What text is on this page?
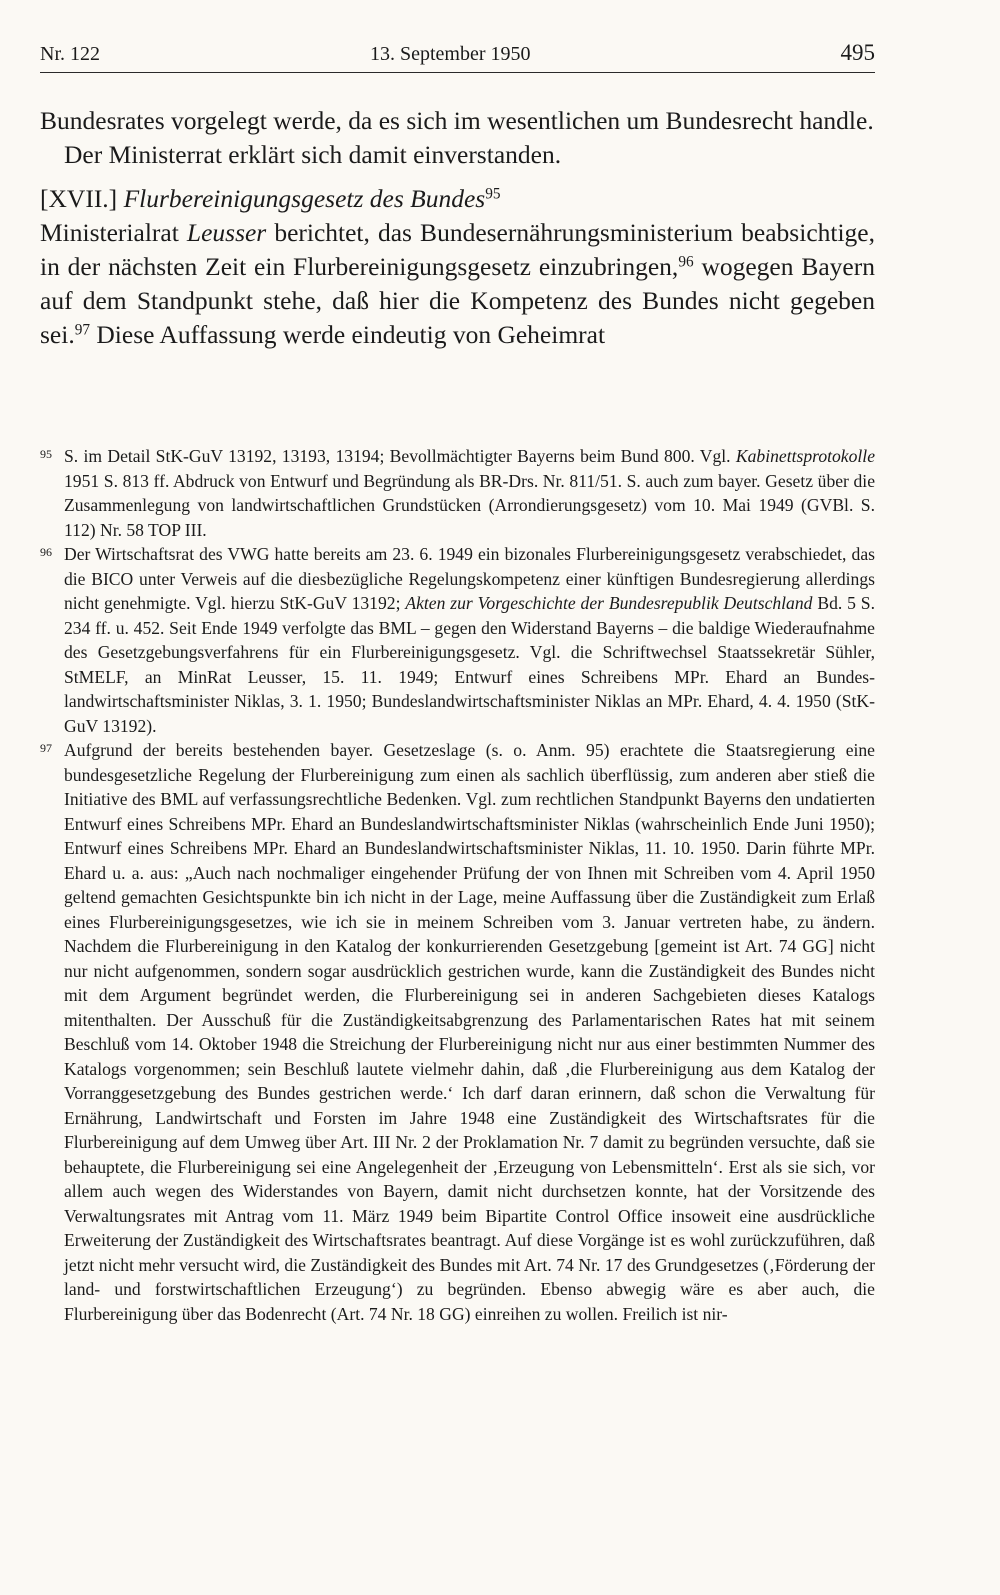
Nr. 122	13. September 1950	495

Bundesrates vorgelegt werde, da es sich im wesentlichen um Bundesrecht handle.

Der Ministerrat erklärt sich damit einverstanden.

[XVII.] Flurbereinigungsgesetz des Bundes$^{95}$

Ministerialrat Leusser berichtet, das Bundesernährungsministerium beabsichtige, in der nächsten Zeit ein Flurbereinigungsgesetz einzubringen,$^{96}$ wogegen Bayern auf dem Standpunkt stehe, daß hier die Kompetenz des Bundes nicht gegeben sei.$^{97}$ Diese Auffassung werde eindeutig von Geheimrat

95 S. im Detail StK-GuV 13192, 13193, 13194; Bevollmächtigter Bayerns beim Bund 800. Vgl. Kabinettsprotokolle 1951 S. 813 ff. Abdruck von Entwurf und Begründung als BR-Drs. Nr. 811/51. S. auch zum bayer. Gesetz über die Zusammenlegung von landwirtschaftlichen Grundstücken (Arrondierungsgesetz) vom 10. Mai 1949 (GVBl. S. 112) Nr. 58 TOP III.

96 Der Wirtschaftsrat des VWG hatte bereits am 23. 6. 1949 ein bizonales Flurbereinigungsgesetz verabschiedet, das die BICO unter Verweis auf die diesbezügliche Regelungskompetenz einer künftigen Bundesregierung allerdings nicht genehmigte. Vgl. hierzu StK-GuV 13192; Akten zur Vorgeschichte der Bundesrepublik Deutschland Bd. 5 S. 234 ff. u. 452. Seit Ende 1949 verfolgte das BML – gegen den Widerstand Bayerns – die baldige Wiederaufnahme des Gesetzgebungsverfahrens für ein Flurbereinigungsgesetz. Vgl. die Schriftwechsel Staatssekretär Sühler, StMELF, an MinRat Leusser, 15. 11. 1949; Entwurf eines Schreibens MPr. Ehard an Bundeslandwirtschaftsminister Niklas, 3. 1. 1950; Bundeslandwirtschaftsminister Niklas an MPr. Ehard, 4. 4. 1950 (StK-GuV 13192).

97 Aufgrund der bereits bestehenden bayer. Gesetzeslage (s. o. Anm. 95) erachtete die Staatsregierung eine bundesgesetzliche Regelung der Flurbereinigung zum einen als sachlich überflüssig, zum anderen aber stieß die Initiative des BML auf verfassungsrechtliche Bedenken. Vgl. zum rechtlichen Standpunkt Bayerns den undatierten Entwurf eines Schreibens MPr. Ehard an Bundeslandwirtschaftsminister Niklas (wahrscheinlich Ende Juni 1950); Entwurf eines Schreibens MPr. Ehard an Bundeslandwirtschaftsminister Niklas, 11. 10. 1950. Darin führte MPr. Ehard u. a. aus: „Auch nach nochmaliger eingehender Prüfung der von Ihnen mit Schreiben vom 4. April 1950 geltend gemachten Gesichtspunkte bin ich nicht in der Lage, meine Auffassung über die Zuständigkeit zum Erlaß eines Flurbereinigungsgesetzes, wie ich sie in meinem Schreiben vom 3. Januar vertreten habe, zu ändern. Nachdem die Flurbereinigung in den Katalog der konkurrierenden Gesetzgebung [gemeint ist Art. 74 GG] nicht nur nicht aufgenommen, sondern sogar ausdrücklich gestrichen wurde, kann die Zuständigkeit des Bundes nicht mit dem Argument begründet werden, die Flurbereinigung sei in anderen Sachgebieten dieses Katalogs mitenthalten. Der Ausschuß für die Zuständigkeitsabgrenzung des Parlamentarischen Rates hat mit seinem Beschluß vom 14. Oktober 1948 die Streichung der Flurbereinigung nicht nur aus einer bestimmten Nummer des Katalogs vorgenommen; sein Beschluß lautete vielmehr dahin, daß ‚die Flurbereinigung aus dem Katalog der Vorranggesetzgebung des Bundes gestrichen werde.‘ Ich darf daran erinnern, daß schon die Verwaltung für Ernährung, Landwirtschaft und Forsten im Jahre 1948 eine Zuständigkeit des Wirtschaftsrates für die Flurbereinigung auf dem Umweg über Art. III Nr. 2 der Proklamation Nr. 7 damit zu begründen versuchte, daß sie behauptete, die Flurbereinigung sei eine Angelegenheit der ‚Erzeugung von Lebensmitteln‘. Erst als sie sich, vor allem auch wegen des Widerstandes von Bayern, damit nicht durchsetzen konnte, hat der Vorsitzende des Verwaltungsrates mit Antrag vom 11. März 1949 beim Bipartite Control Office insoweit eine ausdrückliche Erweiterung der Zuständigkeit des Wirtschaftsrates beantragt. Auf diese Vorgänge ist es wohl zurückzuführen, daß jetzt nicht mehr versucht wird, die Zuständigkeit des Bundes mit Art. 74 Nr. 17 des Grundgesetzes (‚Förderung der land- und forstwirtschaftlichen Erzeugung‘) zu begründen. Ebenso abwegig wäre es aber auch, die Flurbereinigung über das Bodenrecht (Art. 74 Nr. 18 GG) einreihen zu wollen. Freilich ist nir-
